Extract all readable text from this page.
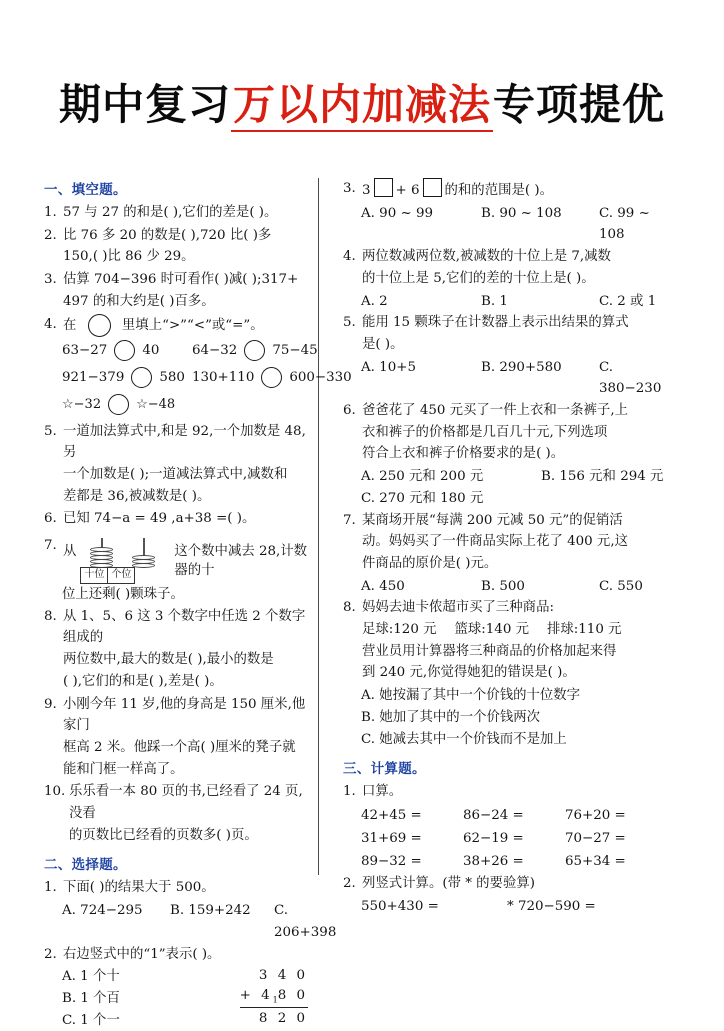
期中复习万以内加减法专项提优
一、填空题。
1. 57 与 27 的和是( ),它们的差是( )。
2. 比 76 多 20 的数是( ),720 比( )多
150,( )比 86 少 29。
3. 估算 704−396 时可看作( )减( );317+
497 的和大约是( )百多。
4. 在	里填上“>”“<”或“=”。
63−27	40 64−32	75−45
921−379	580 130+110	600−330
☆−32	☆−48
5. 一道加法算式中,和是 92,一个加数是 48,另
一个加数是( );一道减法算式中,减数和
差都是 36,被减数是( )。
6. 已知 74−a = 49 ,a+38 =( )。
7. 从
十位 个位
这个数中减去 28,计数器的十
位上还剩( )颗珠子。
8. 从 1、5、6 这 3 个数字中任选 2 个数字组成的
两位数中,最大的数是( ),最小的数是
( ),它们的和是( ),差是( )。
9. 小刚今年 11 岁,他的身高是 150 厘米,他家门
框高 2 米。他踩一个高( )厘米的凳子就
能和门框一样高了。
10. 乐乐看一本 80 页的书,已经看了 24 页,没看
的页数比已经看的页数多( )页。
二、选择题。
1. 下面( )的结果大于 500。
A. 724−295	B. 159+242	C. 206+398
2. 右边竖式中的“1”表示( )。
A. 1 个十
B. 1 个百
C. 1 个一
3 4 0
+ $4_18$ 0
8 2 0
3. 3 + 6 的和的范围是( )。
A. 90 ~ 99	B. 90 ~ 108	C. 99 ~ 108
4. 两位数减两位数,被减数的十位上是 7,减数
的十位上是 5,它们的差的十位上是( )。
A. 2	B. 1	C. 2 或 1
5. 能用 15 颗珠子在计数器上表示出结果的算式
是( )。
A. 10+5	B. 290+580	C. 380−230
6. 爸爸花了 450 元买了一件上衣和一条裤子,上
衣和裤子的价格都是几百几十元,下列选项
符合上衣和裤子价格要求的是( )。
A. 250 元和 200 元	B. 156 元和 294 元
C. 270 元和 180 元
7. 某商场开展“每满 200 元减 50 元”的促销活
动。妈妈买了一件商品实际上花了 400 元,这
件商品的原价是( )元。
A. 450	B. 500	C. 550
8. 妈妈去迪卡侬超市买了三种商品:
足球:120 元 篮球:140 元 排球:110 元
营业员用计算器将三种商品的价格加起来得
到 240 元,你觉得她犯的错误是( )。
A. 她按漏了其中一个价钱的十位数字
B. 她加了其中的一个价钱两次
C. 她减去其中一个价钱而不是加上
三、计算题。
1. 口算。
42+45 =	86−24 =	76+20 =
31+69 =	62−19 =	70−27 =
89−32 =	38+26 =	65+34 =
2. 列竖式计算。(带 * 的要验算)
550+430 =	* 720−590 =
